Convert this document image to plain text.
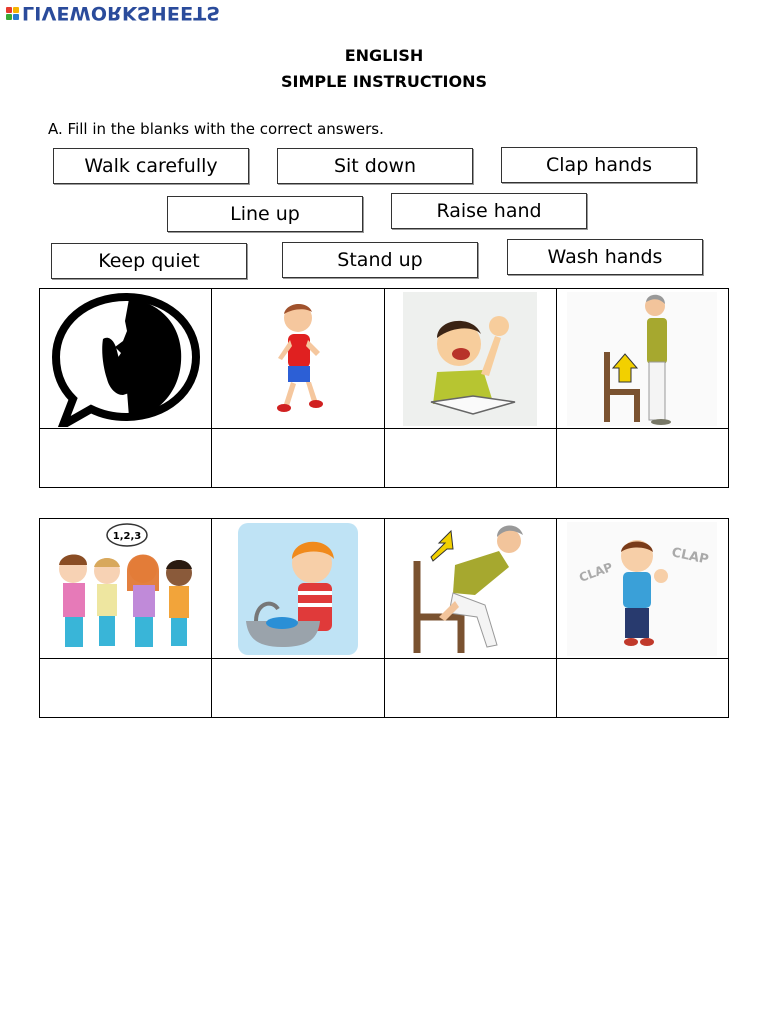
LIVEWORKSHEETS
ENGLISH
SIMPLE INSTRUCTIONS
A. Fill in the blanks with the correct answers.
Walk carefully	Sit down	Clap hands
Line up	Raise hand
Keep quiet	Stand up	Wash hands

1,2,3			CLAP
CLAP
